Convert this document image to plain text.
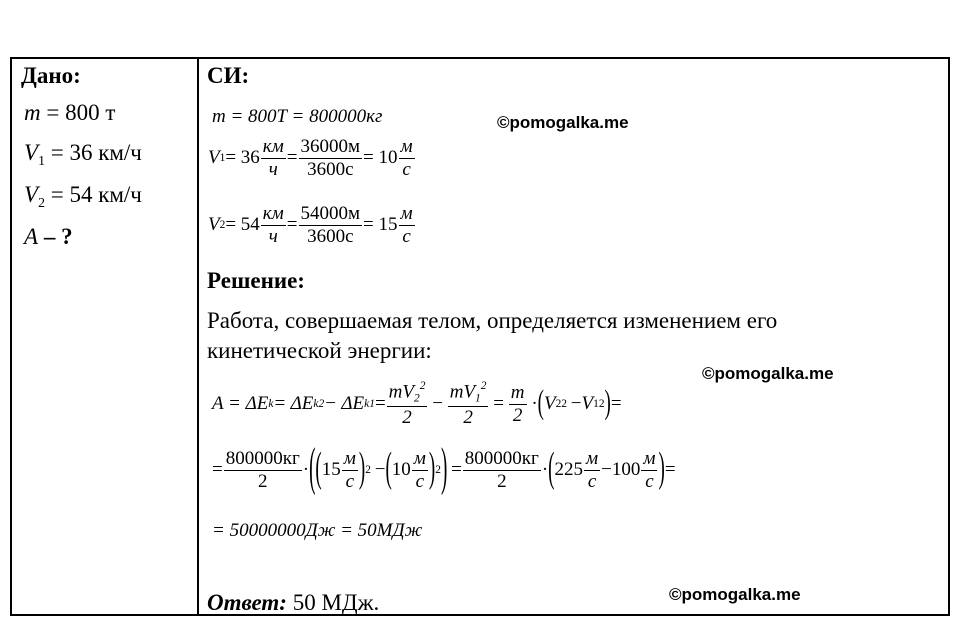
Дано:
m = 800 т
$V_1 = 36$ км/ч
$V_2 = 54$ км/ч
A – ?
СИ:
m = 800T = 800000кг
V $1 = 36 \frac{км}{ч} = \frac{36000м}{3600с} = 10 \frac{м}{с}$
V $2 = 54 \frac{км}{ч} = \frac{54000м}{3600с} = 15 \frac{м}{с}$
©pomogalka.me
Решение:
Работа, совершаемая телом, определяется изменением его
кинетической энергии:
©pomogalka.me
A = ΔE k = ΔE k2 − ΔE $k1 = \frac{mV_2^2}{2} - \frac{mV_1^2}{2} = \frac{m}{2}$  · ( V 2 2  − V 1 2 ) =
= $\frac{800000кг}{2}$ · ( ( $15 \frac{м}{с}$ ) 2  − ( $10 \frac{м}{с}$ ) 2 )  = $\frac{800000кг}{2}$ · ( $225 \frac{м}{с} - 100 \frac{м}{с}$ ) =
= 50000000Дж = 50МДж
Ответ: 50 МДж.	©pomogalka.me
